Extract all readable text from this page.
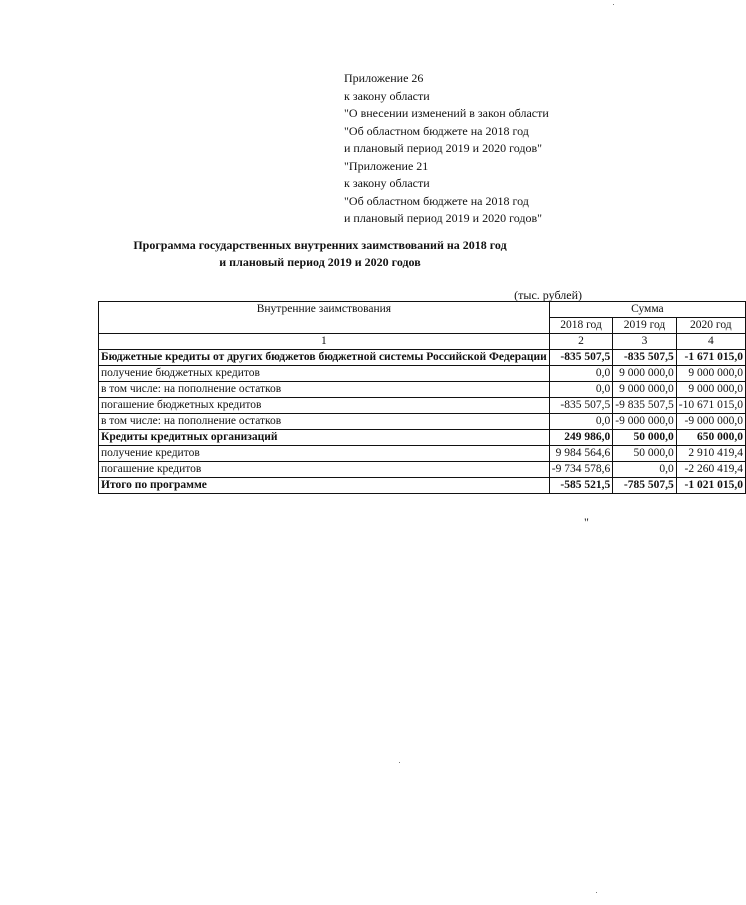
Приложение 26
к закону области
"О внесении изменений в закон области
"Об областном бюджете на 2018 год
и плановый период 2019 и 2020 годов"
"Приложение 21
к закону области
"Об областном бюджете на 2018 год
и плановый период 2019 и 2020 годов"
Программа государственных внутренних заимствований на 2018 год
и плановый период 2019 и 2020 годов
(тыс. рублей)
Внутренние заимствования	Сумма		
	2018 год	2019 год	2020 год
1	2	3	4
Бюджетные кредиты от других бюджетов бюджетной системы Российской Федерации	-835 507,5	-835 507,5	-1 671 015,0
получение бюджетных кредитов	0,0	9 000 000,0	9 000 000,0
в том числе: на пополнение остатков	0,0	9 000 000,0	9 000 000,0
погашение бюджетных кредитов	-835 507,5	-9 835 507,5	-10 671 015,0
в том числе: на пополнение остатков	0,0	-9 000 000,0	-9 000 000,0
Кредиты кредитных организаций	249 986,0	50 000,0	650 000,0
получение кредитов	9 984 564,6	50 000,0	2 910 419,4
погашение кредитов	-9 734 578,6	0,0	-2 260 419,4
Итого по программе	-585 521,5	-785 507,5	-1 021 015,0
"
